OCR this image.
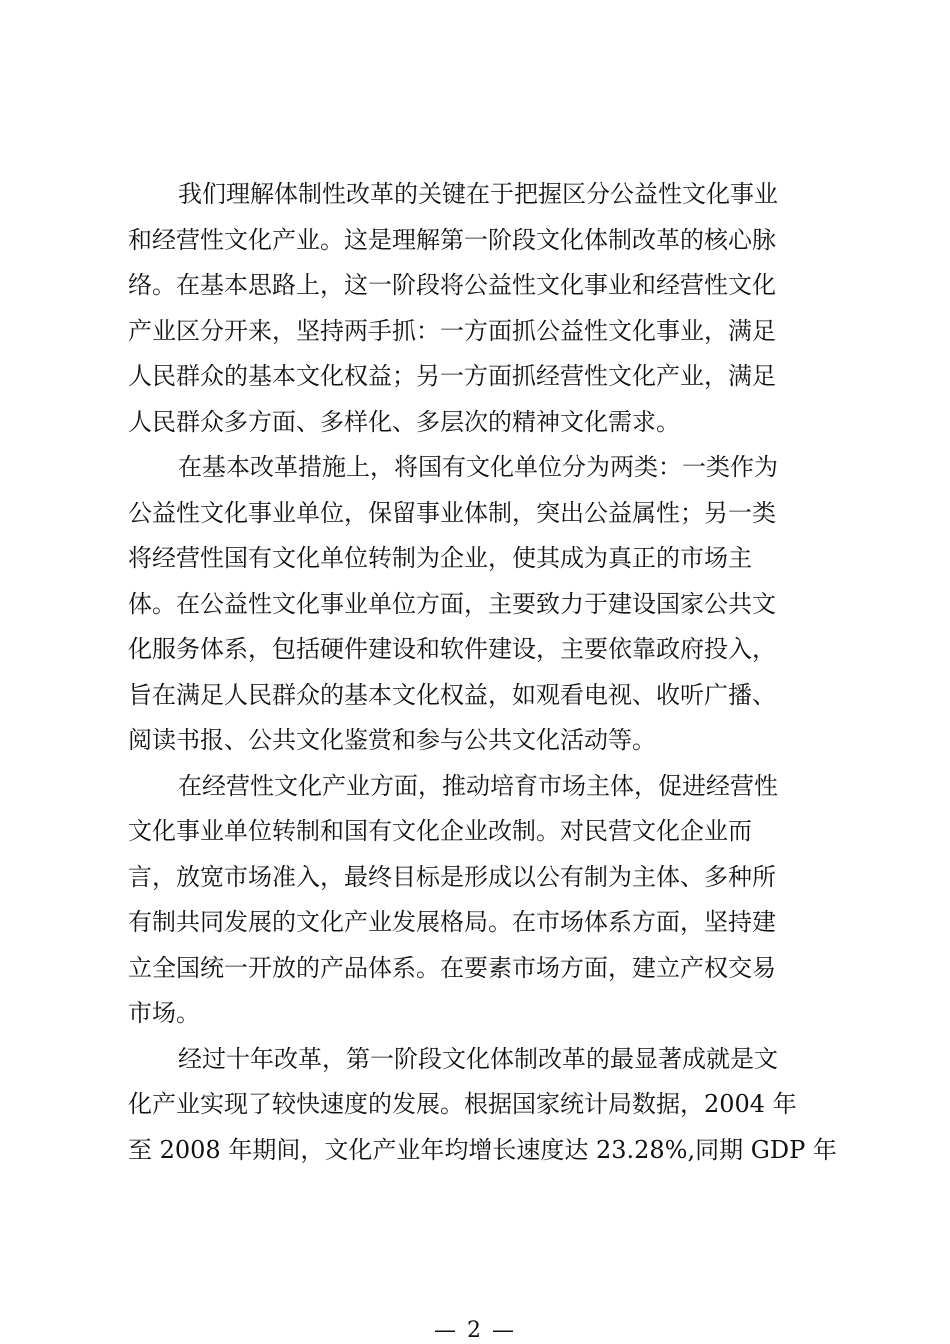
我们理解体制性改革的关键在于把握区分公益性文化事业
和经营性文化产业。这是理解第一阶段文化体制改革的核心脉
络。在基本思路上，这一阶段将公益性文化事业和经营性文化
产业区分开来，坚持两手抓：一方面抓公益性文化事业，满足
人民群众的基本文化权益；另一方面抓经营性文化产业，满足
人民群众多方面、多样化、多层次的精神文化需求。
在基本改革措施上，将国有文化单位分为两类：一类作为
公益性文化事业单位，保留事业体制，突出公益属性；另一类
将经营性国有文化单位转制为企业，使其成为真正的市场主
体。在公益性文化事业单位方面，主要致力于建设国家公共文
化服务体系，包括硬件建设和软件建设，主要依靠政府投入，
旨在满足人民群众的基本文化权益，如观看电视、收听广播、
阅读书报、公共文化鉴赏和参与公共文化活动等。
在经营性文化产业方面，推动培育市场主体，促进经营性
文化事业单位转制和国有文化企业改制。对民营文化企业而
言，放宽市场准入，最终目标是形成以公有制为主体、多种所
有制共同发展的文化产业发展格局。在市场体系方面，坚持建
立全国统一开放的产品体系。在要素市场方面，建立产权交易
市场。
经过十年改革，第一阶段文化体制改革的最显著成就是文
化产业实现了较快速度的发展。根据国家统计局数据，2004 年
至 2008 年期间，文化产业年均增长速度达 23.28%,同期 GDP 年
— 2 —
